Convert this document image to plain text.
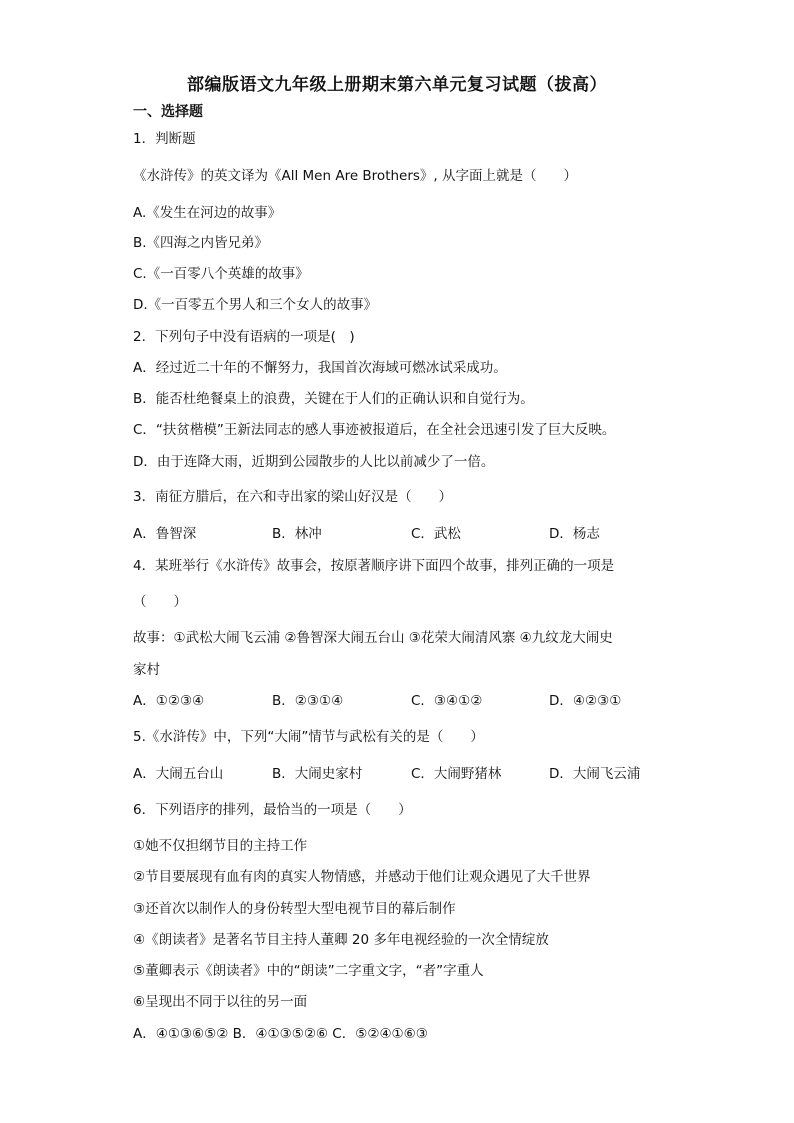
部编版语文九年级上册期末第六单元复习试题（拔高）
一、选择题
1．判断题
《水浒传》的英文译为《All Men Are Brothers》, 从字面上就是（　　）
A.《发生在河边的故事》
B.《四海之内皆兄弟》
C.《一百零八个英雄的故事》
D.《一百零五个男人和三个女人的故事》
2．下列句子中没有语病的一项是(　)
A．经过近二十年的不懈努力，我国首次海域可燃冰试采成功。
B．能否杜绝餐桌上的浪费，关键在于人们的正确认识和自觉行为。
C．“扶贫楷模”王新法同志的感人事迹被报道后，在全社会迅速引发了巨大反映。
D．由于连降大雨，近期到公园散步的人比以前减少了一倍。
3．南征方腊后，在六和寺出家的梁山好汉是（　　）
A．鲁智深	B．林冲	C．武松	D．杨志
4．某班举行《水浒传》故事会，按原著顺序讲下面四个故事，排列正确的一项是
（　　）
故事：①武松大闹飞云浦 ②鲁智深大闹五台山 ③花荣大闹清风寨 ④九纹龙大闹史
家村
A．①②③④	B．②③①④	C．③④①②	D．④②③①
5.《水浒传》中，下列“大闹”情节与武松有关的是（　　）
A．大闹五台山	B．大闹史家村	C．大闹野猪林	D．大闹飞云浦
6．下列语序的排列，最恰当的一项是（　　）
①她不仅担纲节目的主持工作
②节目要展现有血有肉的真实人物情感，并感动于他们让观众遇见了大千世界
③还首次以制作人的身份转型大型电视节目的幕后制作
④《朗读者》是著名节目主持人董卿 20 多年电视经验的一次全情绽放
⑤董卿表示《朗读者》中的“朗读”二字重文字，“者”字重人
⑥呈现出不同于以往的另一面
A．④①③⑥⑤② B．④①③⑤②⑥ C．⑤②④①⑥③
